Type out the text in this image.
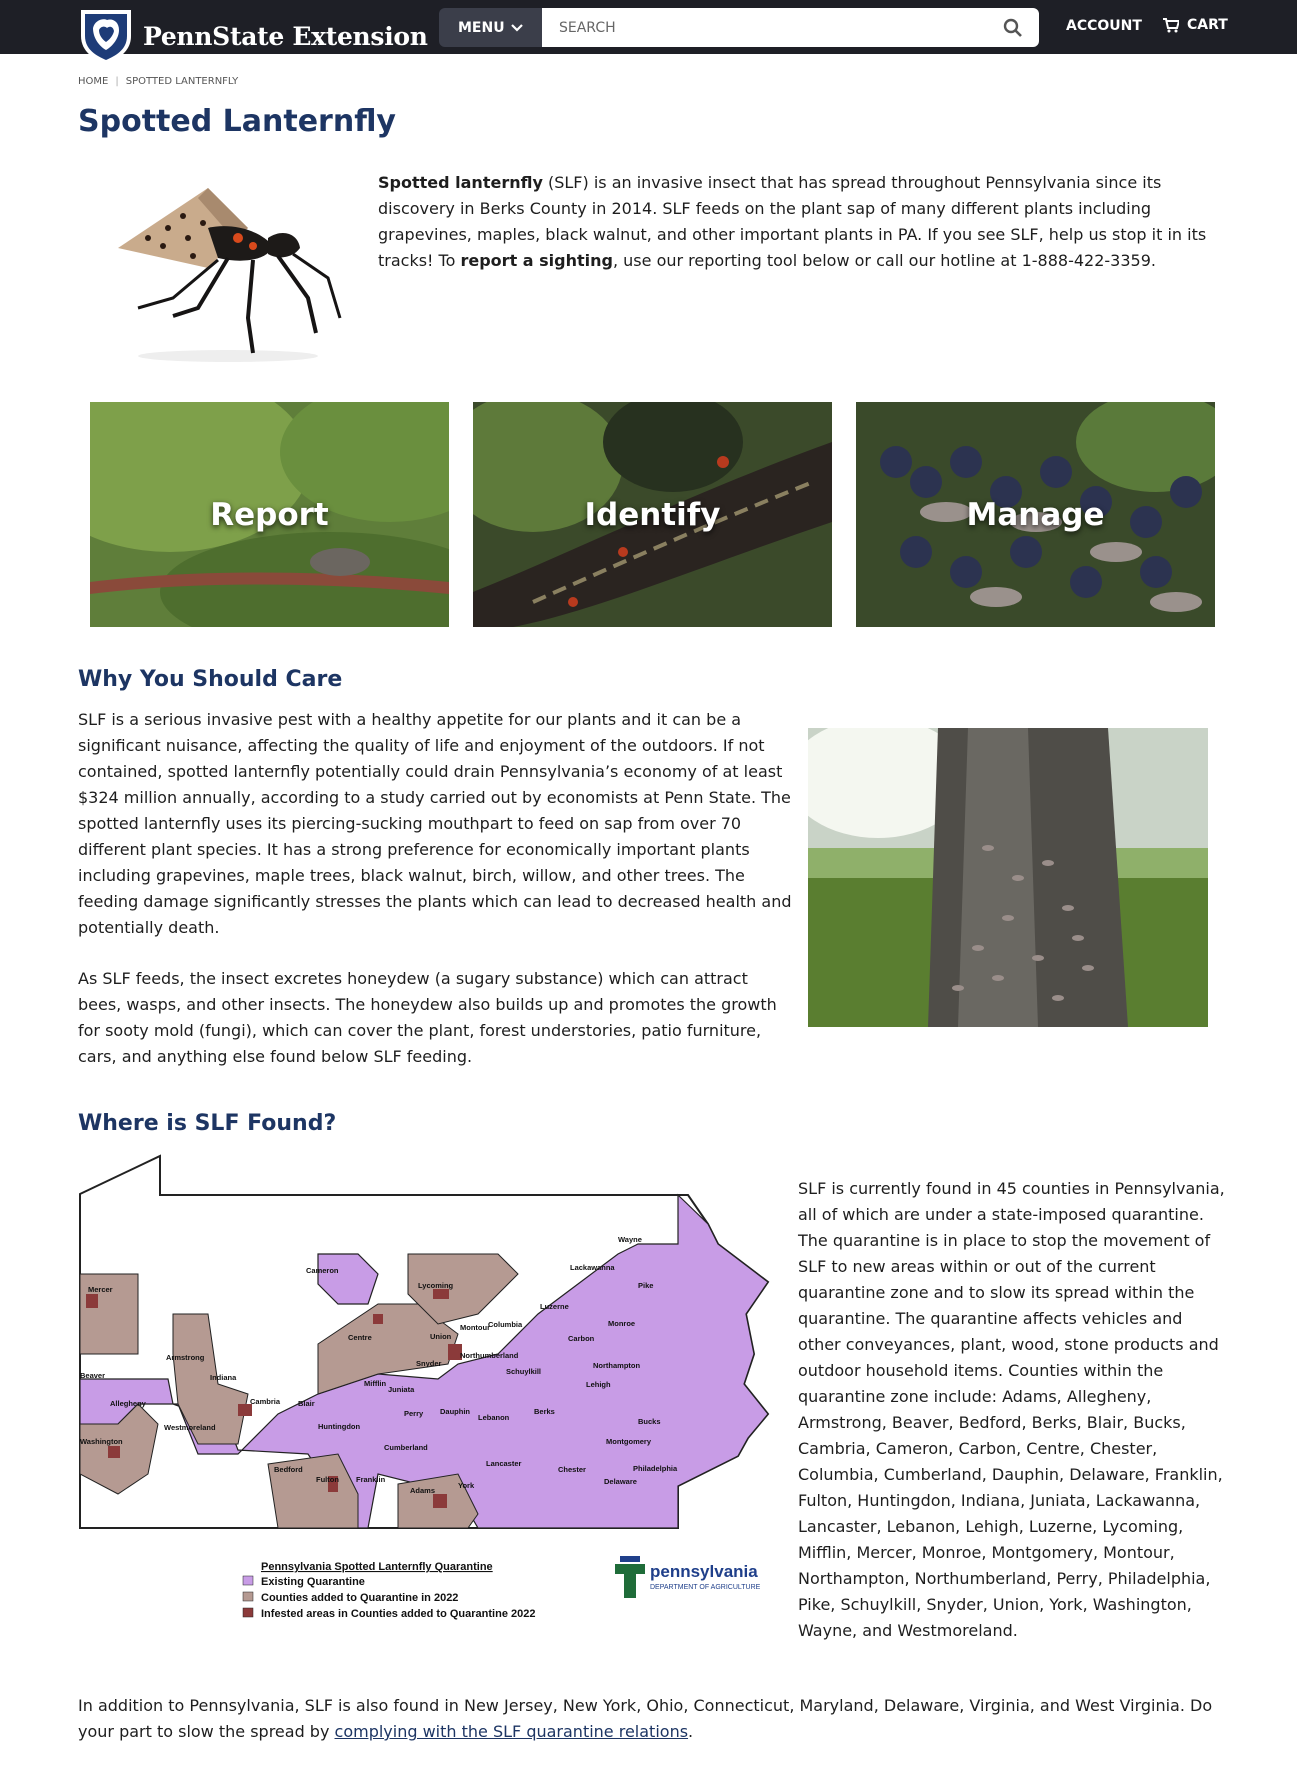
PennState Extension MENU
SEARCH	ACCOUNT	CART
HOME | SPOTTED LANTERNFLY
Spotted Lanternfly
Spotted lanternfly (SLF) is an invasive insect that has spread throughout Pennsylvania since its discovery in Berks County in 2014. SLF feeds on the plant sap of many different plants including grapevines, maples, black walnut, and other important plants in PA. If you see SLF, help us stop it in its tracks! To report a sighting, use our reporting tool below or call our hotline at 1-888-422-3359.
Report	Identify	Manage
Why You Should Care

SLF is a serious invasive pest with a healthy appetite for our plants and it can be a significant nuisance, affecting the quality of life and enjoyment of the outdoors. If not contained, spotted lanternfly potentially could drain Pennsylvania’s economy of at least $324 million annually, according to a study carried out by economists at Penn State. The spotted lanternfly uses its piercing-sucking mouthpart to feed on sap from over 70 different plant species. It has a strong preference for economically important plants including grapevines, maple trees, black walnut, birch, willow, and other trees. The feeding damage significantly stresses the plants which can lead to decreased health and potentially death.

As SLF feeds, the insect excretes honeydew (a sugary substance) which can attract bees, wasps, and other insects. The honeydew also builds up and promotes the growth for sooty mold (fungi), which can cover the plant, forest understories, patio furniture, cars, and anything else found below SLF feeding.

Where is SLF Found?
Wayne
Lackawanna
Pike
Luzerne
Monroe
Carbon
Northampton
Lehigh
Bucks
Montgomery
Philadelphia
Delaware
Chester
Lancaster
Berks
Schuylkill
Lebanon
Dauphin
York
Adams
Cumberland
Perry
Juniata
Mifflin
Snyder
Northumberland
Montour
Columbia
Union
Lycoming
Centre
Cameron
Huntingdon
Franklin
Fulton
Bedford
Blair
Cambria
Westmoreland
Indiana
Armstrong
Allegheny
Beaver
Washington
Mercer
Pennsylvania Spotted Lanternfly Quarantine
Existing Quarantine
Counties added to Quarantine in 2022
Infested areas in Counties added to Quarantine 2022
pennsylvania
DEPARTMENT OF AGRICULTURE

SLF is currently found in 45 counties in Pennsylvania, all of which are under a state-imposed quarantine. The quarantine is in place to stop the movement of SLF to new areas within or out of the current quarantine zone and to slow its spread within the quarantine. The quarantine affects vehicles and other conveyances, plant, wood, stone products and outdoor household items. Counties within the quarantine zone include: Adams, Allegheny, Armstrong, Beaver, Bedford, Berks, Blair, Bucks, Cambria, Cameron, Carbon, Centre, Chester, Columbia, Cumberland, Dauphin, Delaware, Franklin, Fulton, Huntingdon, Indiana, Juniata, Lackawanna, Lancaster, Lebanon, Lehigh, Luzerne, Lycoming, Mifflin, Mercer, Monroe, Montgomery, Montour, Northampton, Northumberland, Perry, Philadelphia, Pike, Schuylkill, Snyder, Union, York, Washington, Wayne, and Westmoreland.

In addition to Pennsylvania, SLF is also found in New Jersey, New York, Ohio, Connecticut, Maryland, Delaware, Virginia, and West Virginia. Do your part to slow the spread by complying with the SLF quarantine relations.
